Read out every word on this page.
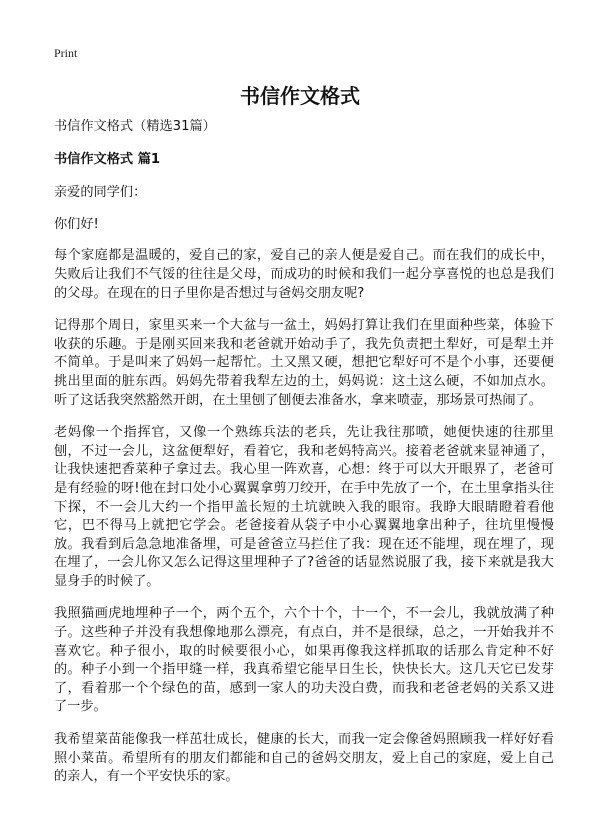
Print
书信作文格式

书信作文格式（精选31篇）

书信作文格式 篇1

亲爱的同学们：

你们好!

每个家庭都是温暖的，爱自己的家，爱自己的亲人便是爱自己。而在我们的成长中，失败后让我们不气馁的往往是父母，而成功的时候和我们一起分享喜悦的也总是我们的父母。在现在的日子里你是否想过与爸妈交朋友呢?

记得那个周日，家里买来一个大盆与一盆土，妈妈打算让我们在里面种些菜，体验下收获的乐趣。于是刚买回来我和老爸就开始动手了，我先负责把土犁好，可是犁土并不简单。于是叫来了妈妈一起帮忙。土又黑又硬，想把它犁好可不是个小事，还要便挑出里面的脏东西。妈妈先带着我犁左边的土，妈妈说：这土这么硬，不如加点水。听了这话我突然豁然开朗，在土里刨了刨便去准备水，拿来喷壶，那场景可热闹了。

老妈像一个指挥官，又像一个熟练兵法的老兵，先让我往那喷，她便快速的往那里刨，不过一会儿，这盆便犁好，看着它，我和老妈特高兴。接着老爸就来显神通了，让我快速把香菜种子拿过去。我心里一阵欢喜，心想：终于可以大开眼界了，老爸可是有经验的呀!他在封口处小心翼翼拿剪刀绞开，在手中先放了一个，在土里拿指头往下探，不一会儿大约一个指甲盖长短的土坑就映入我的眼帘。我睁大眼睛瞪着看他它，巴不得马上就把它学会。老爸接着从袋子中小心翼翼地拿出种子，往坑里慢慢放。我看到后急急地准备埋，可是爸爸立马拦住了我：现在还不能埋，现在埋了，现在埋了，一会儿你又怎么记得这里埋种子了?爸爸的话显然说服了我，接下来就是我大显身手的时候了。

我照猫画虎地埋种子一个，两个五个，六个十个，十一个，不一会儿，我就放满了种子。这些种子并没有我想像地那么漂亮，有点白，并不是很绿，总之，一开始我并不喜欢它。种子很小，取的时候要很小心，如果再像我这样抓取的话那么肯定种不好的。种子小到一个指甲缝一样，我真希望它能早日生长，快快长大。这几天它已发芽了，看着那一个个绿色的苗，感到一家人的功夫没白费，而我和老爸老妈的关系又进了一步。

我希望菜苗能像我一样茁壮成长，健康的长大，而我一定会像爸妈照顾我一样好好看照小菜苗。希望所有的朋友们都能和自己的爸妈交朋友，爱上自己的家庭，爱上自己的亲人，有一个平安快乐的家。
